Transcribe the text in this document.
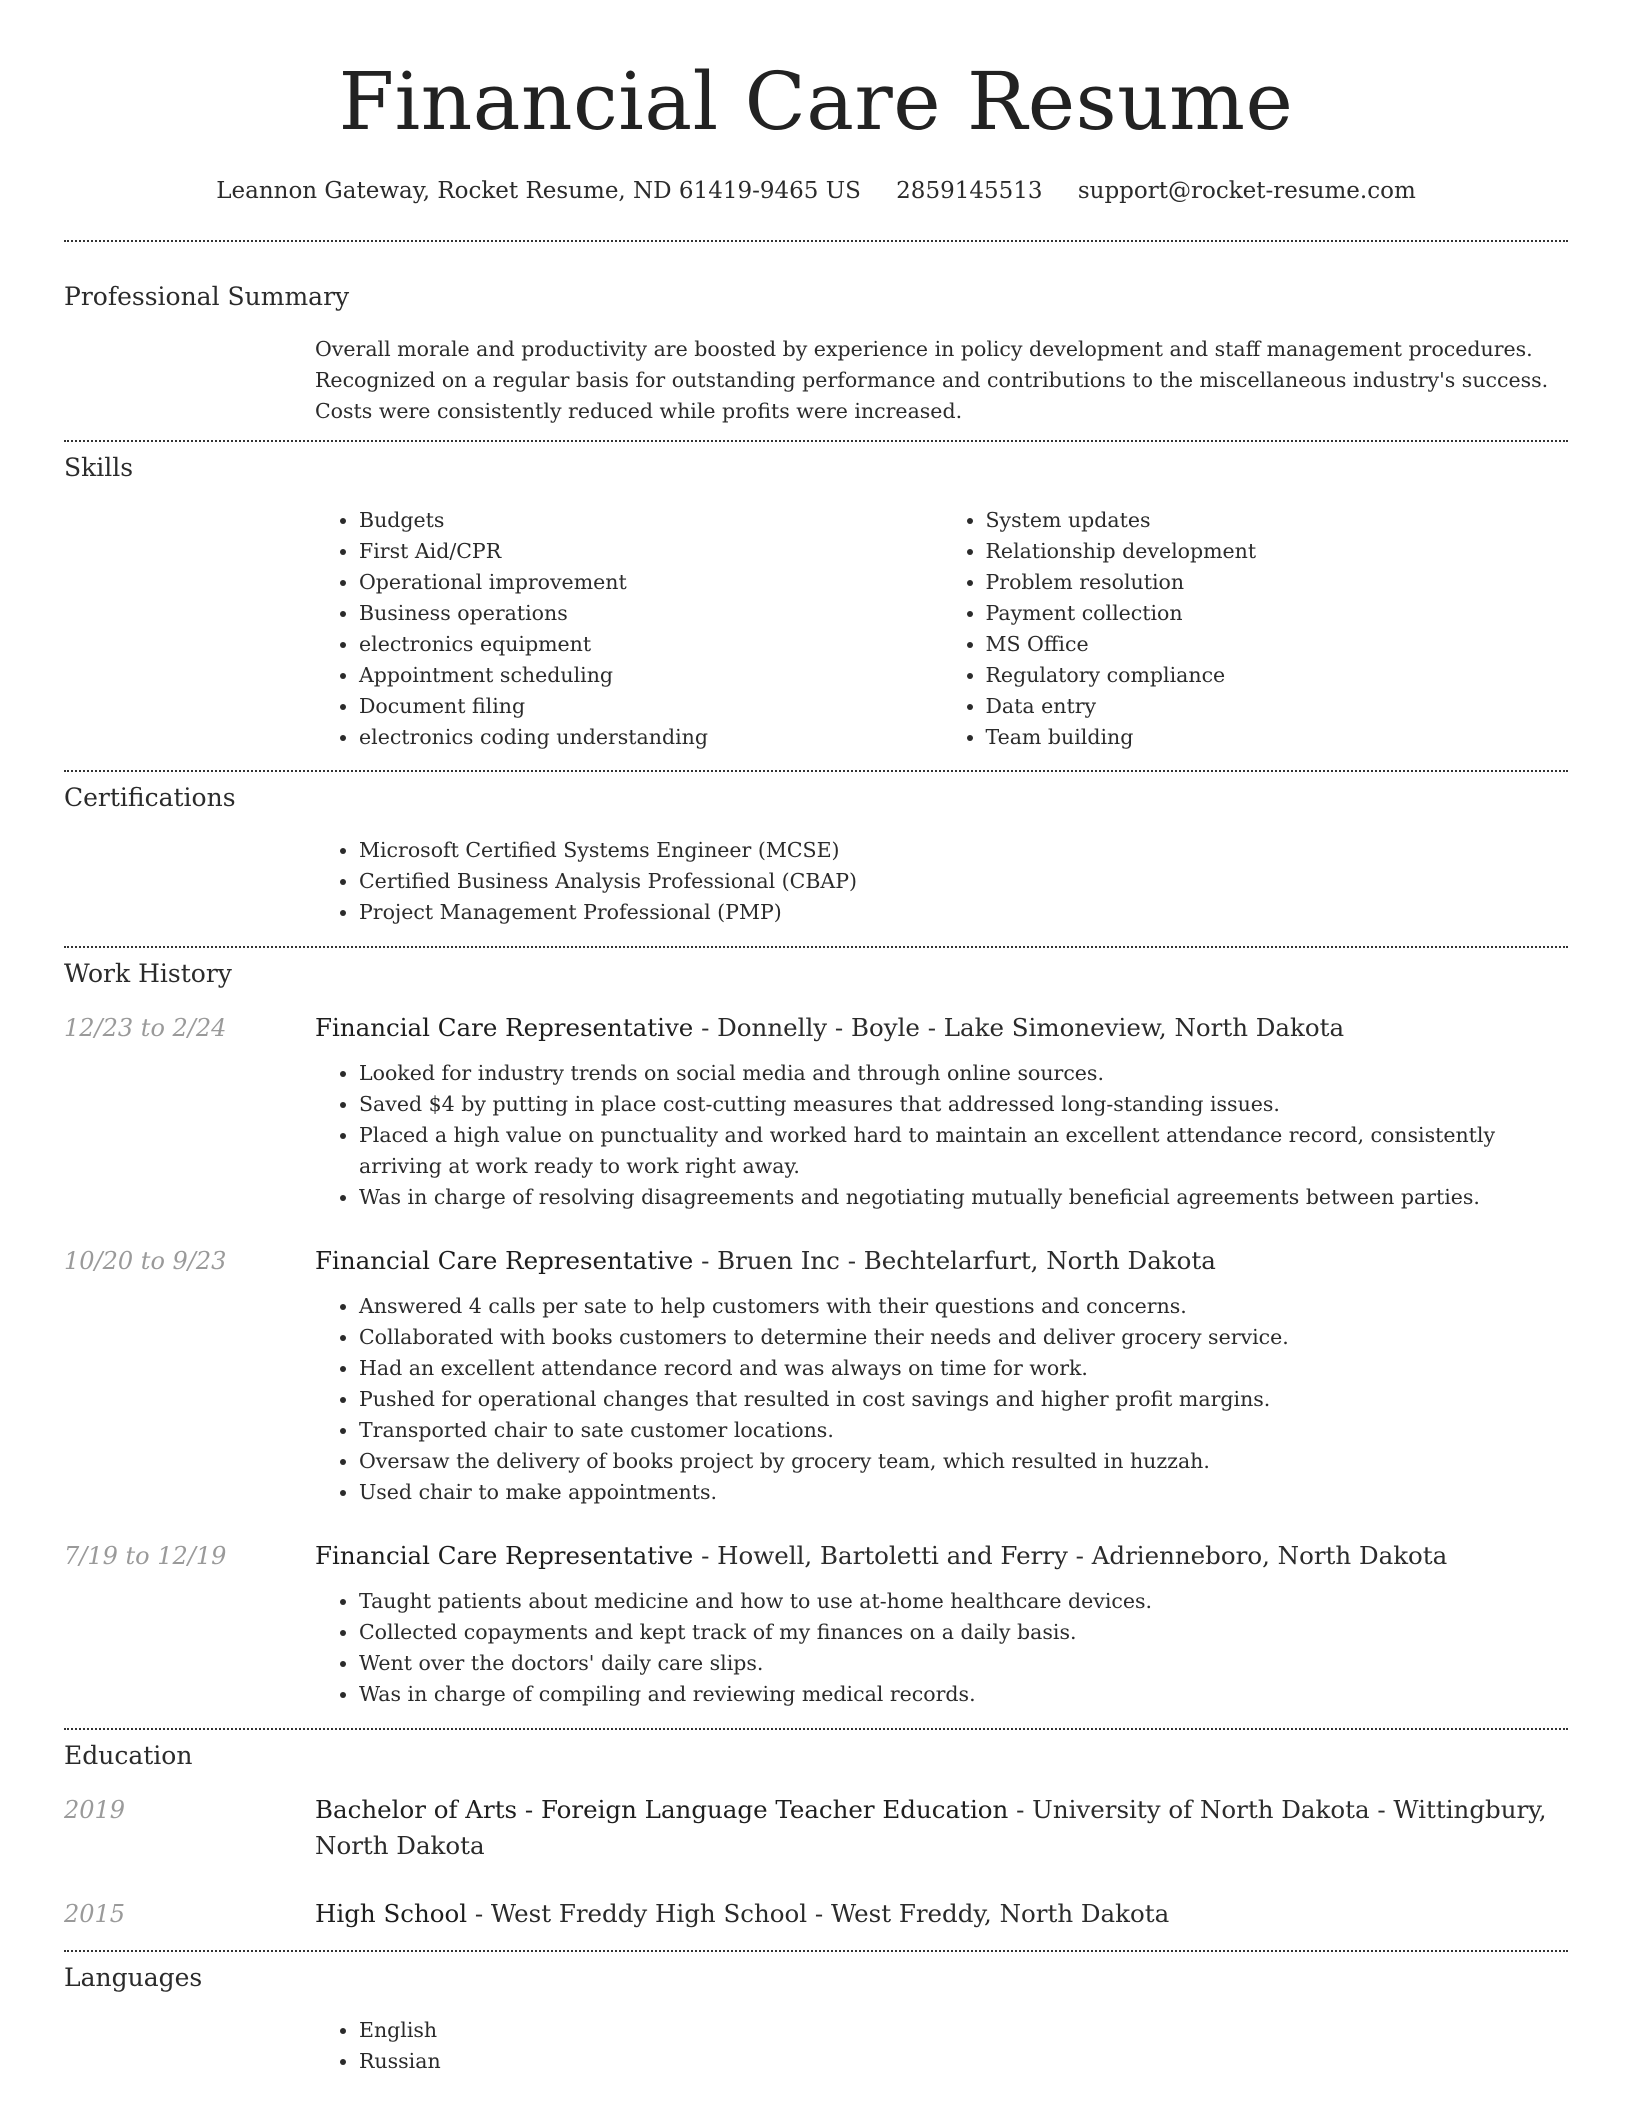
Financial Care Resume
Leannon Gateway, Rocket Resume, ND 61419-9465 US 2859145513 support@rocket-resume.com
Professional Summary
Overall morale and productivity are boosted by experience in policy development and staff management procedures. Recognized on a regular basis for outstanding performance and contributions to the miscellaneous industry's success. Costs were consistently reduced while profits were increased.
Skills
• Budgets
• First Aid/CPR
• Operational improvement
• Business operations
• electronics equipment
• Appointment scheduling
• Document filing
• electronics coding understanding
• System updates
• Relationship development
• Problem resolution
• Payment collection
• MS Office
• Regulatory compliance
• Data entry
• Team building
Certifications
• Microsoft Certified Systems Engineer (MCSE)
• Certified Business Analysis Professional (CBAP)
• Project Management Professional (PMP)
Work History
12/23 to 2/24	Financial Care Representative - Donnelly - Boyle - Lake Simoneview, North Dakota
• Looked for industry trends on social media and through online sources.
• Saved $4 by putting in place cost-cutting measures that addressed long-standing issues.
• Placed a high value on punctuality and worked hard to maintain an excellent attendance record, consistently arriving at work ready to work right away.
• Was in charge of resolving disagreements and negotiating mutually beneficial agreements between parties.
10/20 to 9/23	Financial Care Representative - Bruen Inc - Bechtelarfurt, North Dakota
• Answered 4 calls per sate to help customers with their questions and concerns.
• Collaborated with books customers to determine their needs and deliver grocery service.
• Had an excellent attendance record and was always on time for work.
• Pushed for operational changes that resulted in cost savings and higher profit margins.
• Transported chair to sate customer locations.
• Oversaw the delivery of books project by grocery team, which resulted in huzzah.
• Used chair to make appointments.
7/19 to 12/19	Financial Care Representative - Howell, Bartoletti and Ferry - Adrienneboro, North Dakota
• Taught patients about medicine and how to use at-home healthcare devices.
• Collected copayments and kept track of my finances on a daily basis.
• Went over the doctors' daily care slips.
• Was in charge of compiling and reviewing medical records.
Education
2019	Bachelor of Arts - Foreign Language Teacher Education - University of North Dakota - Wittingbury, North Dakota
2015	High School - West Freddy High School - West Freddy, North Dakota
Languages
• English
• Russian
